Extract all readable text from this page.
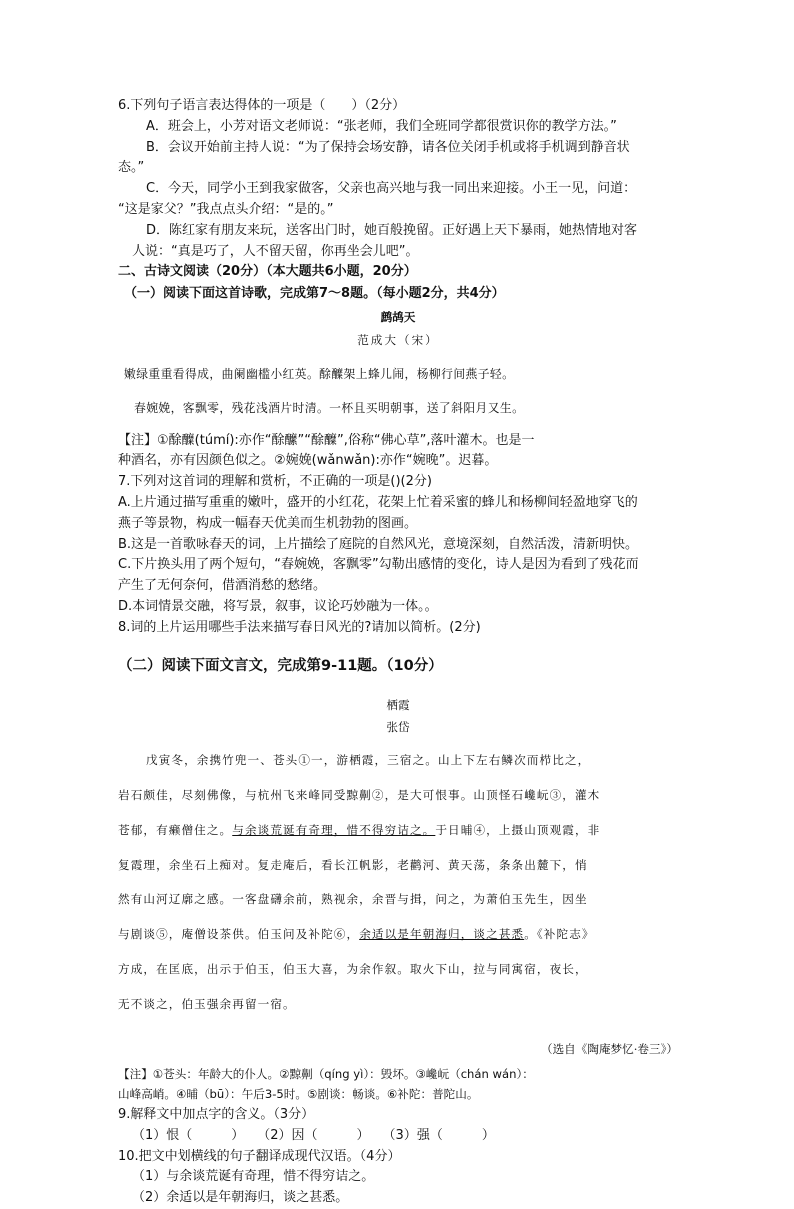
6.下列句子语言表达得体的一项是（　　）（2分）

A．班会上，小芳对语文老师说：“张老师，我们全班同学都很赏识你的教学方法。”

B．会议开始前主持人说：“为了保持会场安静，请各位关闭手机或将手机调到静音状

态。”

C．今天，同学小王到我家做客，父亲也高兴地与我一同出来迎接。小王一见，问道：

“这是家父？”我点点头介绍：“是的。”

D．陈红家有朋友来玩，送客出门时，她百般挽留。正好遇上天下暴雨，她热情地对客

人说：“真是巧了，人不留天留，你再坐会儿吧”。

二、古诗文阅读（20分）（本大题共6小题，20分）

（一）阅读下面这首诗歌，完成第7～8题。（每小题2分，共4分）

鹧鸪天

范成大（宋）

嫩绿重重看得成，曲阑幽槛小红英。酴醾架上蜂儿闹，杨柳行间燕子轻。

春婉娩，客飘零，残花浅酒片时清。一杯且买明朝事，送了斜阳月又生。

【注】①酴醾(túmí):亦作“酴醿”“酴醾”,俗称“佛心草”,落叶灌木。也是一

种酒名，亦有因颜色似之。②婉娩(wǎnwǎn):亦作“婉晚”。迟暮。

7.下列对这首词的理解和赏析，不正确的一项是()(2分)

A.上片通过描写重重的嫩叶，盛开的小红花，花架上忙着采蜜的蜂儿和杨柳间轻盈地穿飞的

燕子等景物，构成一幅春天优美而生机勃勃的图画。

B.这是一首歌咏春天的词，上片描绘了庭院的自然风光，意境深刻，自然活泼，清新明快。

C.下片换头用了两个短句，“春婉娩，客飘零”勾勒出感情的变化，诗人是因为看到了残花而

产生了无何奈何，借酒消愁的愁绪。

D.本词情景交融，将写景，叙事，议论巧妙融为一体。。

8.词的上片运用哪些手法来描写春日风光的?请加以简析。(2分)

（二）阅读下面文言文，完成第9-11题。（10分）

栖霞

张岱

戊寅冬，余携竹兜一、苍头①一，游栖霞，三宿之。山上下左右鳞次而栉比之，

岩石颇佳，尽刻佛像，与杭州飞来峰同受黥劓②，是大可恨事。山顶怪石巉岏③，灌木

苍郁，有癞僧住之。与余谈荒诞有奇理，惜不得穷诘之。于日晡④，上摄山顶观霞，非

复霞理，余坐石上痴对。复走庵后，看长江帆影，老鹳河、黄天荡，条条出麓下，悄

然有山河辽廓之感。一客盘礴余前，熟视余，余晋与揖，问之，为萧伯玉先生，因坐

与剧谈⑤，庵僧设茶供。伯玉问及补陀⑥，余适以是年朝海归，谈之甚悉。《补陀志》

方成，在匡底，出示于伯玉，伯玉大喜，为余作叙。取火下山，拉与同寓宿，夜长，

无不谈之，伯玉强余再留一宿。

（选自《陶庵梦忆·卷三》）

【注】①苍头：年龄大的仆人。②黥劓（qíng yì）：毁坏。③巉岏（chán wán）：

山峰高峭。④晡（bū）：午后3-5时。⑤剧谈：畅谈。⑥补陀：普陀山。

9.解释文中加点字的含义。（3分）

（1）恨（　　　）　　（2）因（　　　）　　（3）强（　　　）

10.把文中划横线的句子翻译成现代汉语。（4分）

（1）与余谈荒诞有奇理，惜不得穷诘之。

（2）余适以是年朝海归，谈之甚悉。
